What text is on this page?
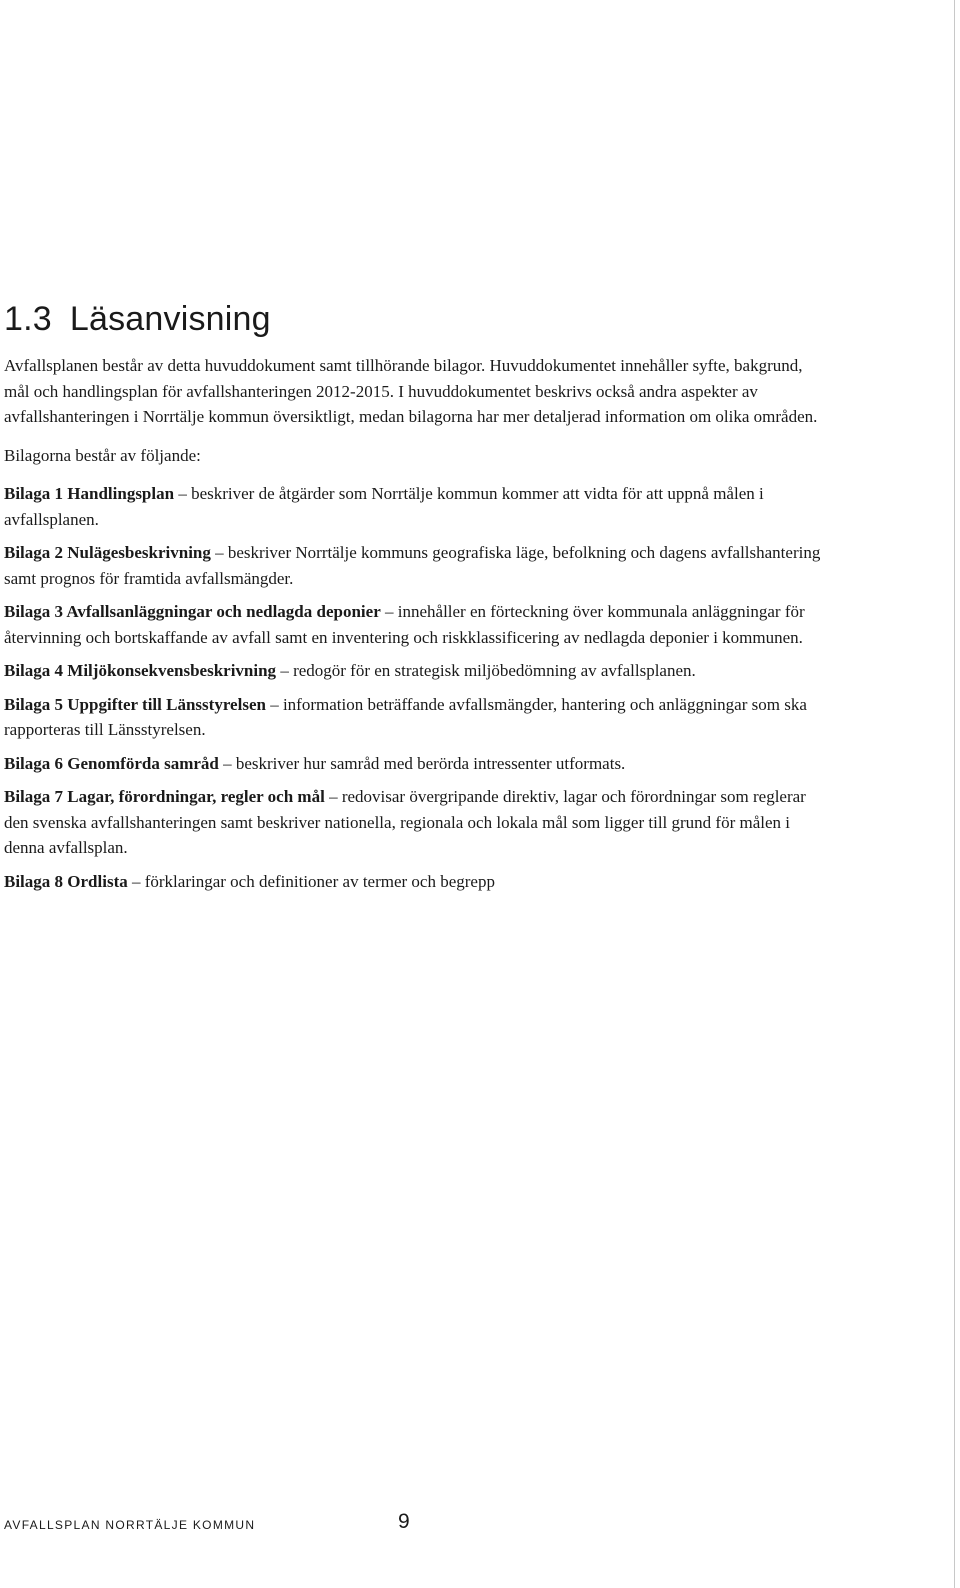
1.3 Läsanvisning

Avfallsplanen består av detta huvuddokument samt tillhörande bilagor. Huvuddokumentet innehåller syfte, bakgrund, mål och handlingsplan för avfallshanteringen 2012-2015. I huvuddokumentet beskrivs också andra aspekter av avfallshanteringen i Norrtälje kommun översiktligt, medan bilagorna har mer detaljerad information om olika områden.

Bilagorna består av följande:

Bilaga 1 Handlingsplan – beskriver de åtgärder som Norrtälje kommun kommer att vidta för att uppnå målen i avfallsplanen.

Bilaga 2 Nulägesbeskrivning – beskriver Norrtälje kommuns geografiska läge, befolkning och dagens avfallshantering samt prognos för framtida avfallsmängder.

Bilaga 3 Avfallsanläggningar och nedlagda deponier – innehåller en förteckning över kommunala anläggningar för återvinning och bortskaffande av avfall samt en inventering och riskklassificering av nedlagda deponier i kommunen.

Bilaga 4 Miljökonsekvensbeskrivning – redogör för en strategisk miljöbedömning av avfallsplanen.

Bilaga 5 Uppgifter till Länsstyrelsen – information beträffande avfallsmängder, hantering och anläggningar som ska rapporteras till Länsstyrelsen.

Bilaga 6 Genomförda samråd – beskriver hur samråd med berörda intressenter utformats.

Bilaga 7 Lagar, förordningar, regler och mål – redovisar övergripande direktiv, lagar och förordningar som reglerar den svenska avfallshanteringen samt beskriver nationella, regionala och lokala mål som ligger till grund för målen i denna avfallsplan.

Bilaga 8 Ordlista – förklaringar och definitioner av termer och begrepp

AVFALLSPLAN NORRTÄLJE KOMMUN	9
